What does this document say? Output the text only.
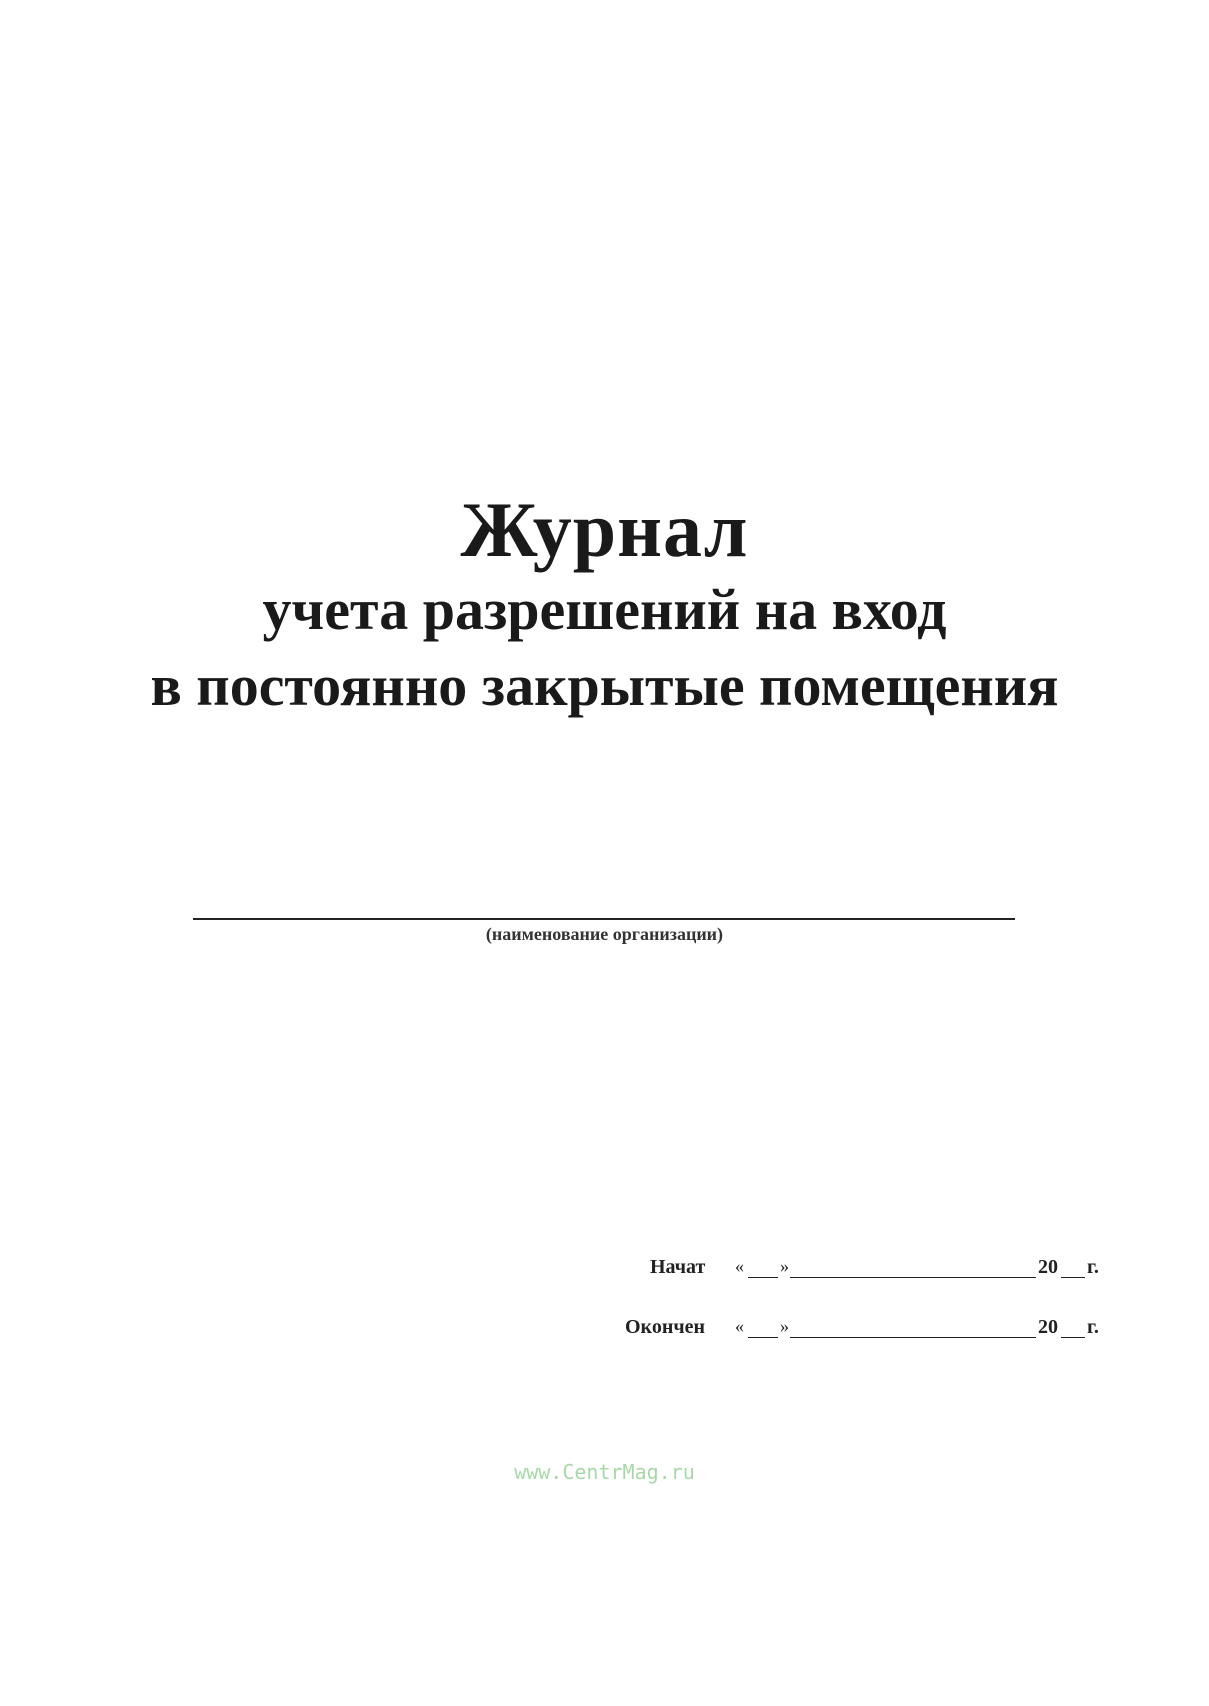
Журнал
учета разрешений на вход
в постоянно закрытые помещения
(наименование организации)
Начат « »	20 г.
Окончен « »	20 г.
www.CentrMag.ru
